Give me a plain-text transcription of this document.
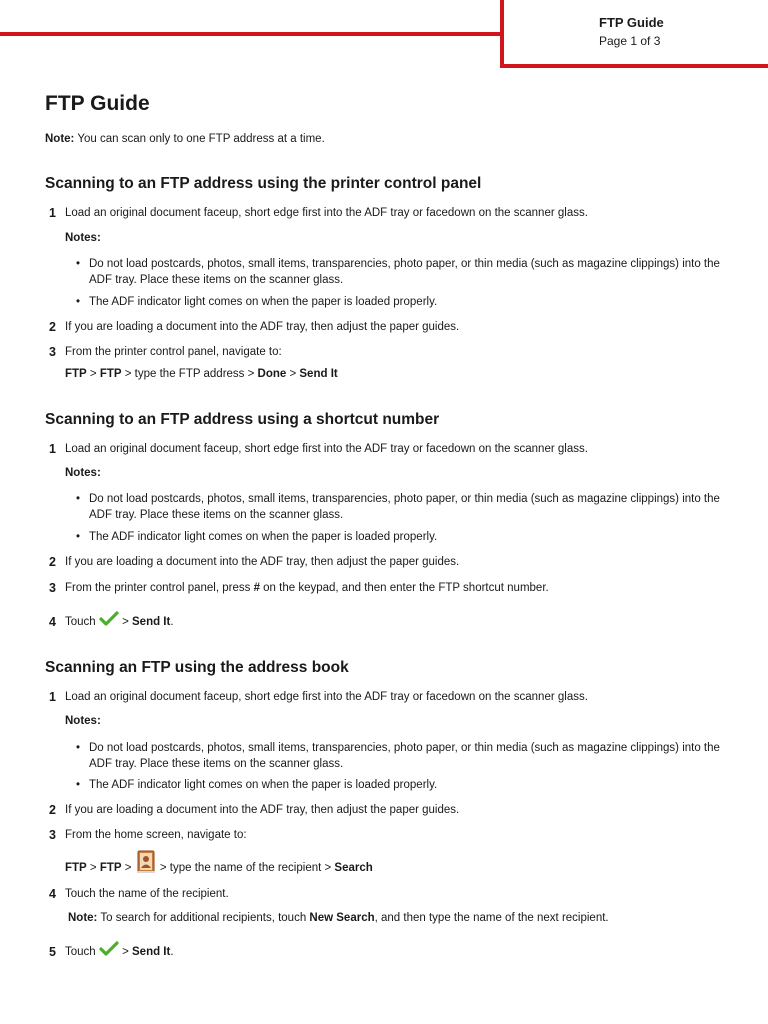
FTP Guide
Page 1 of 3
FTP Guide
Note: You can scan only to one FTP address at a time.
Scanning to an FTP address using the printer control panel
1 Load an original document faceup, short edge first into the ADF tray or facedown on the scanner glass.
Notes:
• Do not load postcards, photos, small items, transparencies, photo paper, or thin media (such as magazine clippings) into the ADF tray. Place these items on the scanner glass.
• The ADF indicator light comes on when the paper is loaded properly.
2 If you are loading a document into the ADF tray, then adjust the paper guides.
3 From the printer control panel, navigate to:
FTP > FTP > type the FTP address > Done > Send It
Scanning to an FTP address using a shortcut number
1 Load an original document faceup, short edge first into the ADF tray or facedown on the scanner glass.
Notes:
• Do not load postcards, photos, small items, transparencies, photo paper, or thin media (such as magazine clippings) into the ADF tray. Place these items on the scanner glass.
• The ADF indicator light comes on when the paper is loaded properly.
2 If you are loading a document into the ADF tray, then adjust the paper guides.
3 From the printer control panel, press # on the keypad, and then enter the FTP shortcut number.
4 Touch  > Send It.
Scanning an FTP using the address book
1 Load an original document faceup, short edge first into the ADF tray or facedown on the scanner glass.
Notes:
• Do not load postcards, photos, small items, transparencies, photo paper, or thin media (such as magazine clippings) into the ADF tray. Place these items on the scanner glass.
• The ADF indicator light comes on when the paper is loaded properly.
2 If you are loading a document into the ADF tray, then adjust the paper guides.
3 From the home screen, navigate to:
FTP > FTP >  > type the name of the recipient > Search
4 Touch the name of the recipient.
Note: To search for additional recipients, touch New Search, and then type the name of the next recipient.
5 Touch  > Send It.
